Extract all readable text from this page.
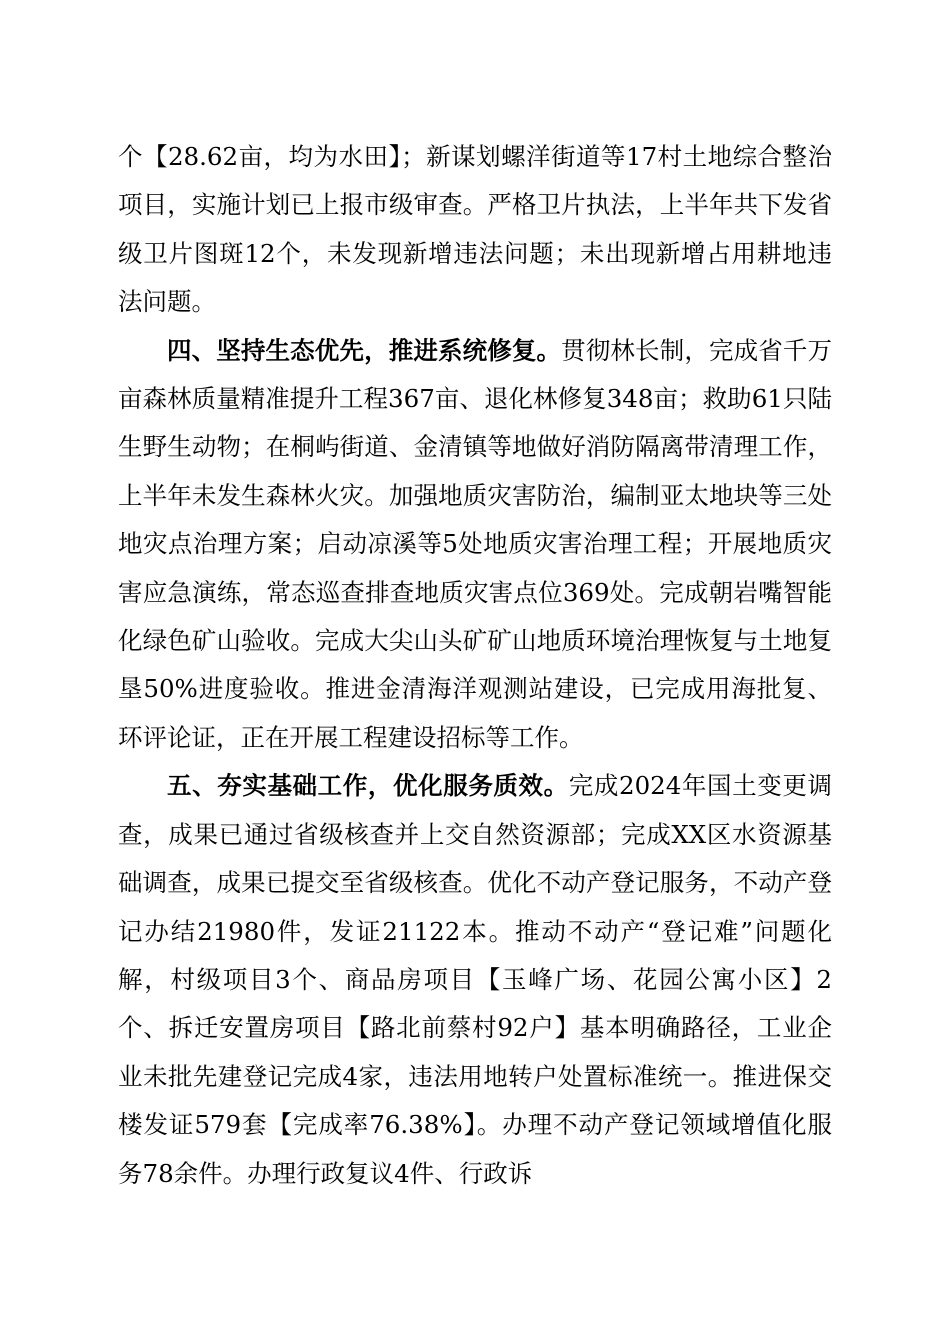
个【28.62亩，均为水田】；新谋划螺洋街道等17村土地综合整治项目，实施计划已上报市级审查。严格卫片执法，上半年共下发省级卫片图斑12个，未发现新增违法问题；未出现新增占用耕地违法问题。

四、坚持生态优先，推进系统修复。贯彻林长制，完成省千万亩森林质量精准提升工程367亩、退化林修复348亩；救助61只陆生野生动物；在桐屿街道、金清镇等地做好消防隔离带清理工作，上半年未发生森林火灾。加强地质灾害防治，编制亚太地块等三处地灾点治理方案；启动凉溪等5处地质灾害治理工程；开展地质灾害应急演练，常态巡查排查地质灾害点位369处。完成朝岩嘴智能化绿色矿山验收。完成大尖山头矿矿山地质环境治理恢复与土地复垦50%进度验收。推进金清海洋观测站建设，已完成用海批复、环评论证，正在开展工程建设招标等工作。

五、夯实基础工作，优化服务质效。完成2024年国土变更调查，成果已通过省级核查并上交自然资源部；完成XX区水资源基础调查，成果已提交至省级核查。优化不动产登记服务，不动产登记办结21980件，发证21122本。推动不动产“登记难”问题化解，村级项目3个、商品房项目【玉峰广场、花园公寓小区】2个、拆迁安置房项目【路北前蔡村92户】基本明确路径，工业企业未批先建登记完成4家，违法用地转户处置标准统一。推进保交楼发证579套【完成率76.38%】。办理不动产登记领域增值化服务78余件。办理行政复议4件、行政诉
